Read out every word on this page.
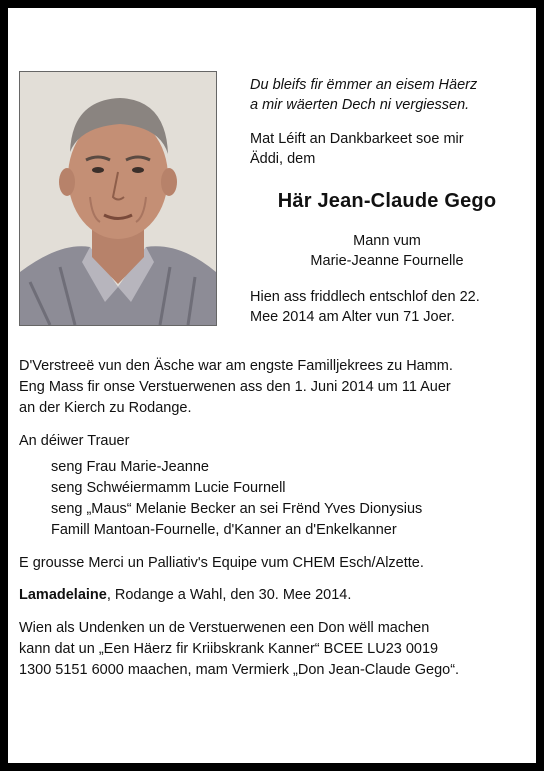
Du bleifs fir ëmmer an eisem Häerz
a mir wäerten Dech ni vergiessen.
Mat Léift an Dankbarkeet soe mir
Äddi, dem
Här Jean-Claude Gego
Mann vum
Marie-Jeanne Fournelle
Hien ass friddlech entschlof den 22.
Mee 2014 am Alter vun 71 Joer.
D'Verstreeë vun den Äsche war am engste Familljekrees zu Hamm.
Eng Mass fir onse Verstuerwenen ass den 1. Juni 2014 um 11 Auer
an der Kierch zu Rodange.
An déiwer Trauer
seng Frau Marie-Jeanne
seng Schwéiermamm Lucie Fournell
seng „Maus“ Melanie Becker an sei Frënd Yves Dionysius
Famill Mantoan-Fournelle, d'Kanner an d'Enkelkanner
E grousse Merci un Palliativ's Equipe vum CHEM Esch/Alzette.
Lamadelaine, Rodange a Wahl, den 30. Mee 2014.
Wien als Undenken un de Verstuerwenen een Don wëll machen
kann dat un „Een Häerz fir Kriibskrank Kanner“ BCEE LU23 0019
1300 5151 6000 maachen, mam Vermierk „Don Jean-Claude Gego“.
